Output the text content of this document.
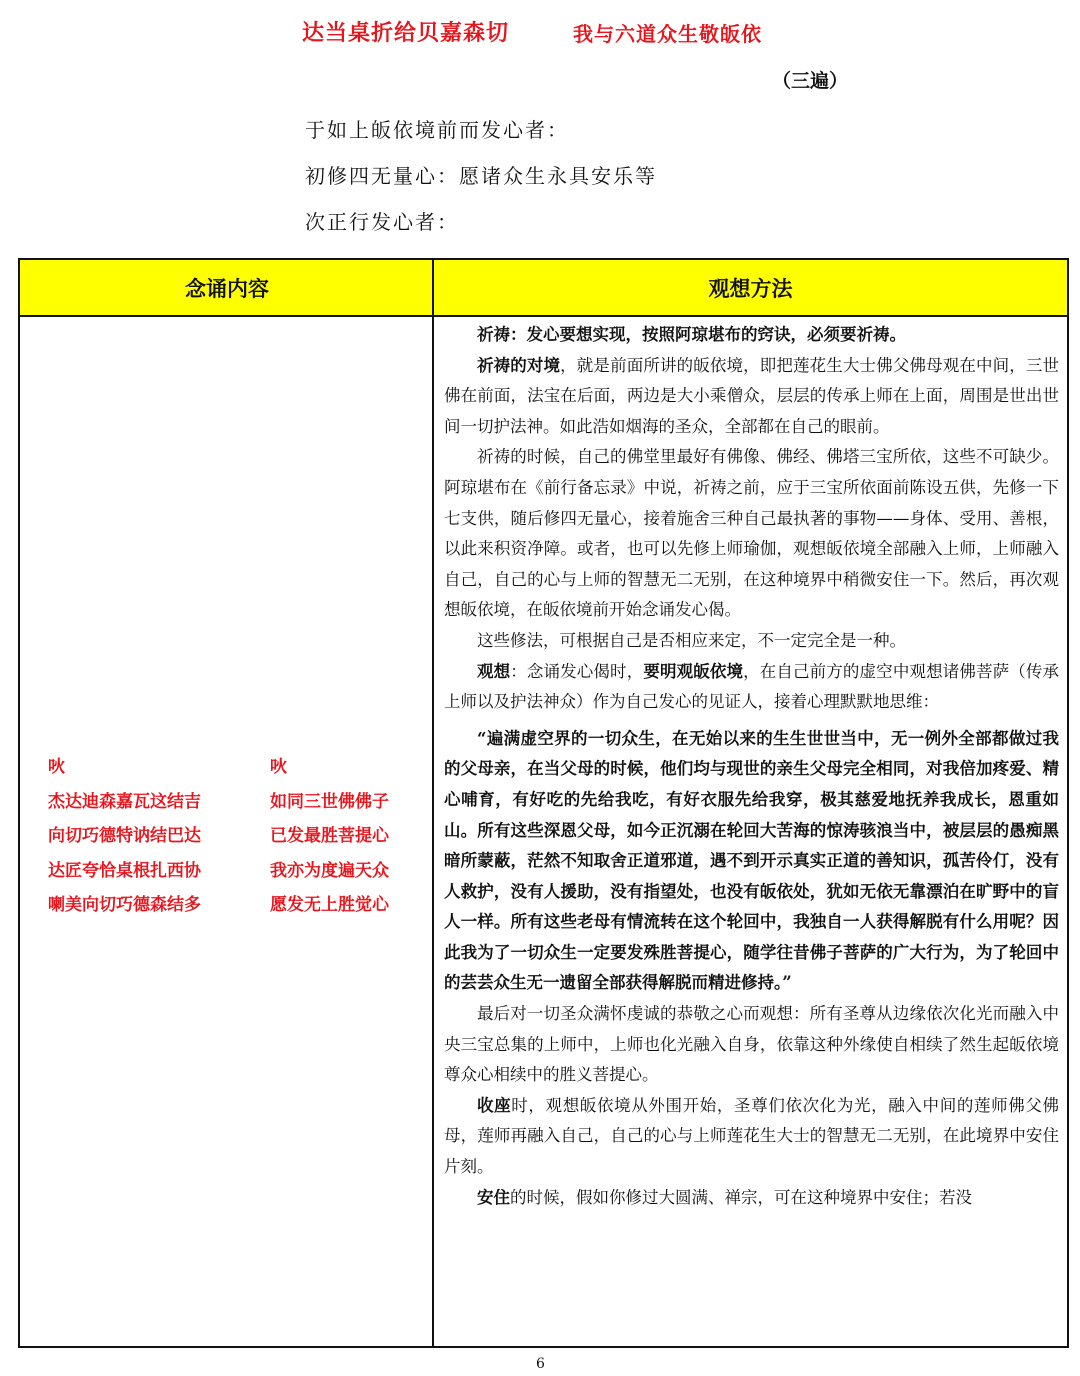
达当桌折给贝嘉森切	我与六道众生敬皈依
（三遍）
于如上皈依境前而发心者：
初修四无量心：愿诸众生永具安乐等
次正行发心者：
念诵内容	观想方法
吙	吙
杰达迪森嘉瓦这结吉	如同三世佛佛子
向切巧德特讷结巴达	已发最胜菩提心
达匠夸恰桌根扎西协	我亦为度遍天众
喇美向切巧德森结多	愿发无上胜觉心

祈祷：发心要想实现，按照阿琼堪布的窍诀，必须要祈祷。

祈祷的对境，就是前面所讲的皈依境，即把莲花生大士佛父佛母观在中间，三世佛在前面，法宝在后面，两边是大小乘僧众，层层的传承上师在上面，周围是世出世间一切护法神。如此浩如烟海的圣众，全部都在自己的眼前。

祈祷的时候，自己的佛堂里最好有佛像、佛经、佛塔三宝所依，这些不可缺少。阿琼堪布在《前行备忘录》中说，祈祷之前，应于三宝所依面前陈设五供，先修一下七支供，随后修四无量心，接着施舍三种自己最执著的事物——身体、受用、善根，以此来积资净障。或者，也可以先修上师瑜伽，观想皈依境全部融入上师，上师融入自己，自己的心与上师的智慧无二无别，在这种境界中稍微安住一下。然后，再次观想皈依境，在皈依境前开始念诵发心偈。

这些修法，可根据自己是否相应来定，不一定完全是一种。

观想：念诵发心偈时，要明观皈依境，在自己前方的虚空中观想诸佛菩萨（传承上师以及护法神众）作为自己发心的见证人，接着心理默默地思维：

“遍满虚空界的一切众生，在无始以来的生生世世当中，无一例外全部都做过我的父母亲，在当父母的时候，他们均与现世的亲生父母完全相同，对我倍加疼爱、精心哺育，有好吃的先给我吃，有好衣服先给我穿，极其慈爱地抚养我成长，恩重如山。所有这些深恩父母，如今正沉溺在轮回大苦海的惊涛骇浪当中，被层层的愚痴黑暗所蒙蔽，茫然不知取舍正道邪道，遇不到开示真实正道的善知识，孤苦伶仃，没有人救护，没有人援助，没有指望处，也没有皈依处，犹如无依无靠漂泊在旷野中的盲人一样。所有这些老母有情流转在这个轮回中，我独自一人获得解脱有什么用呢？因此我为了一切众生一定要发殊胜菩提心，随学往昔佛子菩萨的广大行为，为了轮回中的芸芸众生无一遗留全部获得解脱而精进修持。”

最后对一切圣众满怀虔诚的恭敬之心而观想：所有圣尊从边缘依次化光而融入中央三宝总集的上师中，上师也化光融入自身，依靠这种外缘使自相续了然生起皈依境尊众心相续中的胜义菩提心。

收座时，观想皈依境从外围开始，圣尊们依次化为光，融入中间的莲师佛父佛母，莲师再融入自己，自己的心与上师莲花生大士的智慧无二无别，在此境界中安住片刻。

安住的时候，假如你修过大圆满、禅宗，可在这种境界中安住；若没

6
